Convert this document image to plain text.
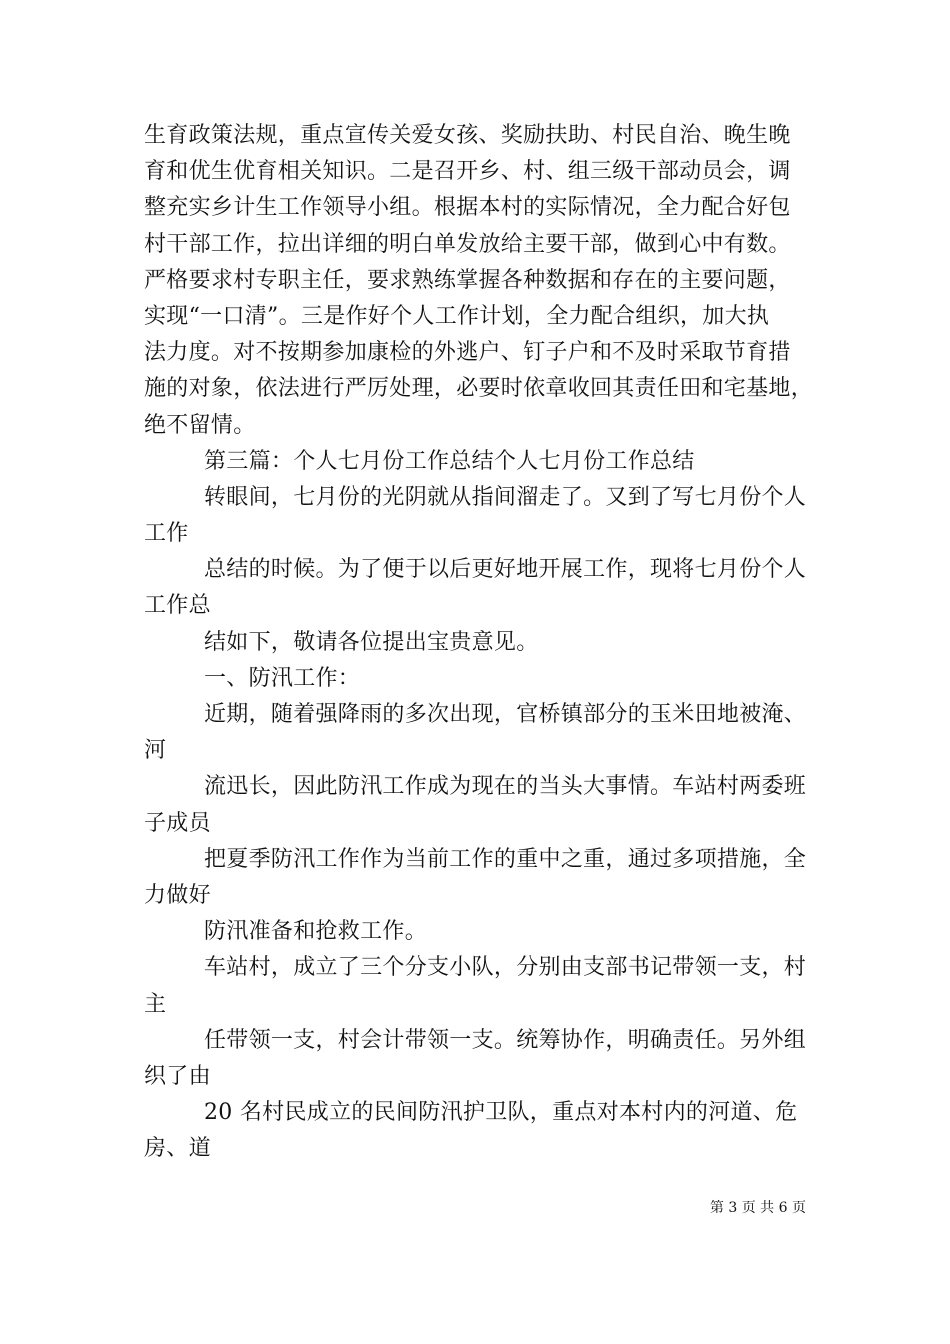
生育政策法规，重点宣传关爱女孩、奖励扶助、村民自治、晚生晚
育和优生优育相关知识。二是召开乡、村、组三级干部动员会，调
整充实乡计生工作领导小组。根据本村的实际情况，全力配合好包
村干部工作，拉出详细的明白单发放给主要干部，做到心中有数。
严格要求村专职主任，要求熟练掌握各种数据和存在的主要问题，
实现“一口清”。三是作好个人工作计划，全力配合组织，加大执
法力度。对不按期参加康检的外逃户、钉子户和不及时采取节育措
施的对象，依法进行严厉处理，必要时依章收回其责任田和宅基地，
绝不留情。
第三篇：个人七月份工作总结个人七月份工作总结
转眼间，七月份的光阴就从指间溜走了。又到了写七月份个人
工作
总结的时候。为了便于以后更好地开展工作，现将七月份个人
工作总
结如下，敬请各位提出宝贵意见。
一、防汛工作：
近期，随着强降雨的多次出现，官桥镇部分的玉米田地被淹、
河
流迅长，因此防汛工作成为现在的当头大事情。车站村两委班
子成员
把夏季防汛工作作为当前工作的重中之重，通过多项措施，全
力做好
防汛准备和抢救工作。
车站村，成立了三个分支小队，分别由支部书记带领一支，村
主
任带领一支，村会计带领一支。统筹协作，明确责任。另外组
织了由
20 名村民成立的民间防汛护卫队，重点对本村内的河道、危
房、道
第 3 页 共 6 页
